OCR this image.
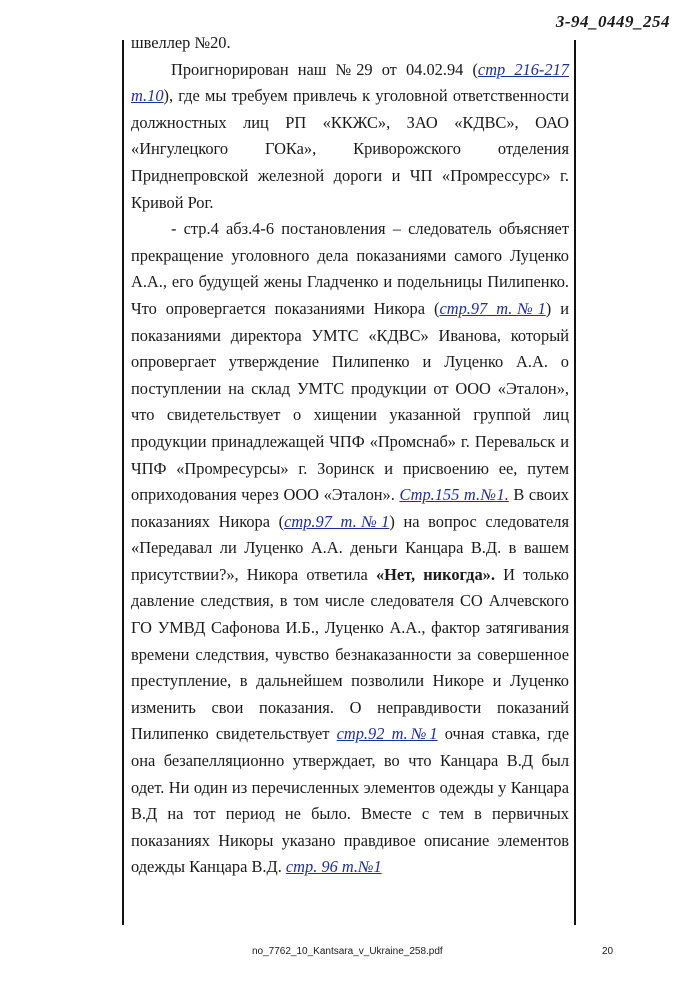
3-94_0449_254

швеллер №20.

Проигнорирован наш №29 от 04.02.94 (стр 216-217 т.10), где мы требуем привлечь к уголовной ответственности должностных лиц РП «ККЖС», ЗАО «КДВС», ОАО «Ингулецкого ГОКа», Криворожского отделения Приднепровской железной дороги и ЧП «Промрессурс» г. Кривой Рог.

- стр.4 абз.4-6 постановления – следователь объясняет прекращение уголовного дела показаниями самого Луценко А.А., его будущей жены Гладченко и подельницы Пилипенко. Что опровергается показаниями Никора (стр.97 т.№1) и показаниями директора УМТС «КДВС» Иванова, который опровергает утверждение Пилипенко и Луценко А.А. о поступлении на склад УМТС продукции от ООО «Эталон», что свидетельствует о хищении указанной группой лиц продукции принадлежащей ЧПФ «Промснаб» г. Перевальск и ЧПФ «Промресурсы» г. Зоринск и присвоению ее, путем оприходования через ООО «Эталон». Стр.155 т.№1. В своих показаниях Никора (стр.97 т.№1) на вопрос следователя «Передавал ли Луценко А.А. деньги Канцара В.Д. в вашем присутствии?», Никора ответила «Нет, никогда». И только давление следствия, в том числе следователя СО Алчевского ГО УМВД Сафонова И.Б., Луценко А.А., фактор затягивания времени следствия, чувство безнаказанности за совершенное преступление, в дальнейшем позволили Никоре и Луценко изменить свои показания. О неправдивости показаний Пилипенко свидетельствует стр.92 т.№1 очная ставка, где она безапелляционно утверждает, во что Канцара В.Д был одет. Ни один из перечисленных элементов одежды у Канцара В.Д на тот период не было. Вместе с тем в первичных показаниях Никоры указано правдивое описание элементов одежды Канцара В.Д. стр. 96 т.№1

no_7762_10_Kantsara_v_Ukraine_258.pdf	20
